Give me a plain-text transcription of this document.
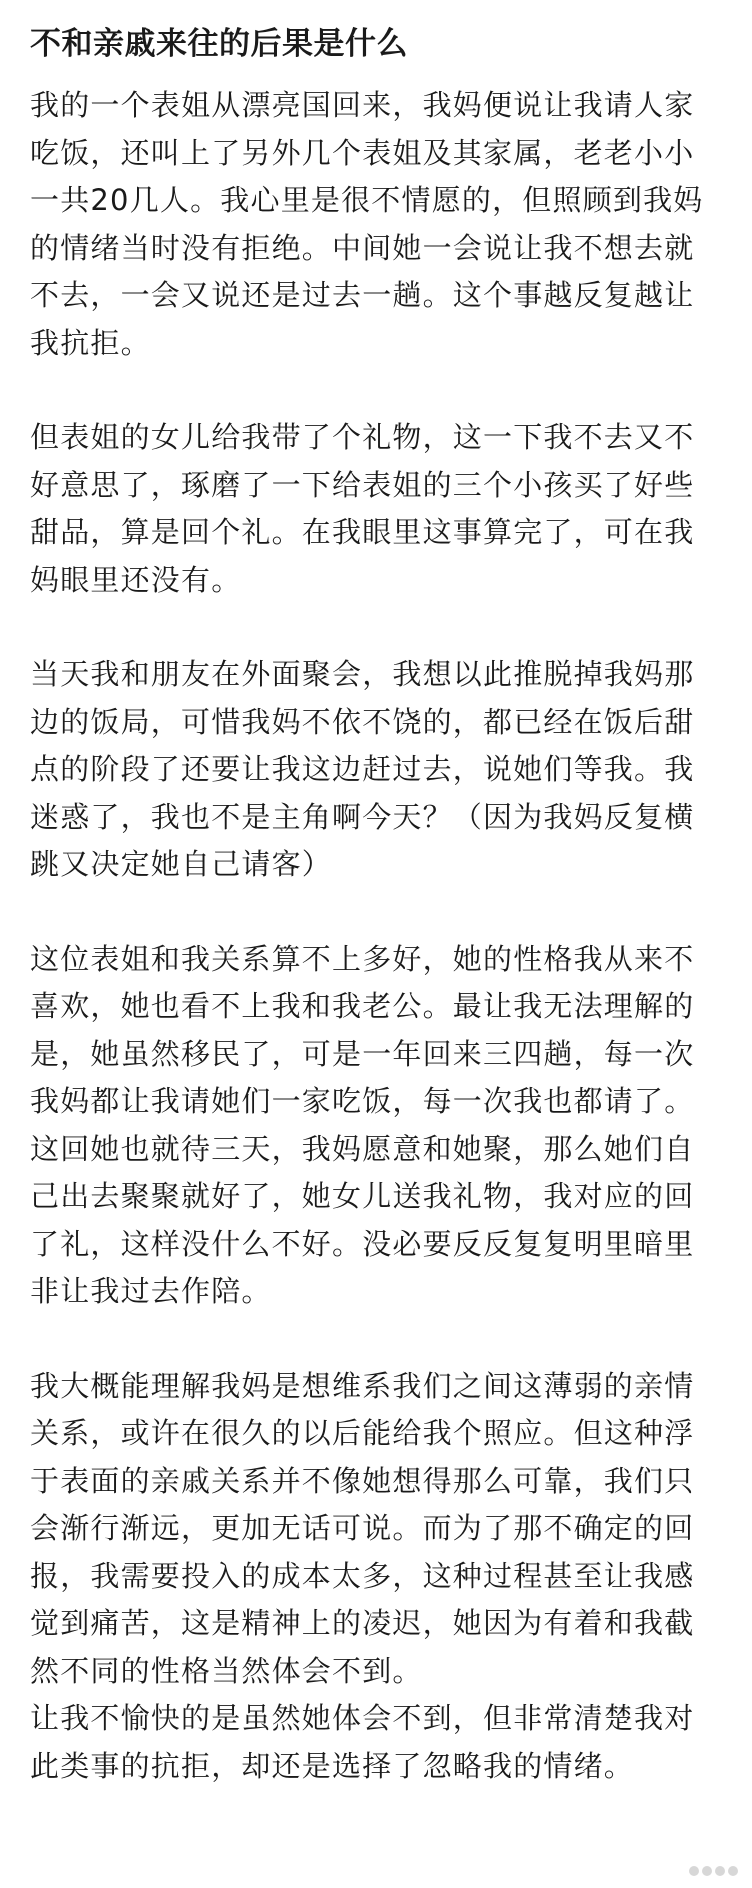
不和亲戚来往的后果是什么

我的一个表姐从漂亮国回来，我妈便说让我请人家吃饭，还叫上了另外几个表姐及其家属，老老小小一共20几人。我心里是很不情愿的，但照顾到我妈的情绪当时没有拒绝。中间她一会说让我不想去就不去，一会又说还是过去一趟。这个事越反复越让我抗拒。

但表姐的女儿给我带了个礼物，这一下我不去又不好意思了，琢磨了一下给表姐的三个小孩买了好些甜品，算是回个礼。在我眼里这事算完了，可在我妈眼里还没有。

当天我和朋友在外面聚会，我想以此推脱掉我妈那边的饭局，可惜我妈不依不饶的，都已经在饭后甜点的阶段了还要让我这边赶过去，说她们等我。我迷惑了，我也不是主角啊今天？（因为我妈反复横跳又决定她自己请客）

这位表姐和我关系算不上多好，她的性格我从来不喜欢，她也看不上我和我老公。最让我无法理解的是，她虽然移民了，可是一年回来三四趟，每一次我妈都让我请她们一家吃饭，每一次我也都请了。这回她也就待三天，我妈愿意和她聚，那么她们自己出去聚聚就好了，她女儿送我礼物，我对应的回了礼，这样没什么不好。没必要反反复复明里暗里非让我过去作陪。

我大概能理解我妈是想维系我们之间这薄弱的亲情关系，或许在很久的以后能给我个照应。但这种浮于表面的亲戚关系并不像她想得那么可靠，我们只会渐行渐远，更加无话可说。而为了那不确定的回报，我需要投入的成本太多，这种过程甚至让我感觉到痛苦，这是精神上的凌迟，她因为有着和我截然不同的性格当然体会不到。

让我不愉快的是虽然她体会不到，但非常清楚我对此类事的抗拒，却还是选择了忽略我的情绪。
